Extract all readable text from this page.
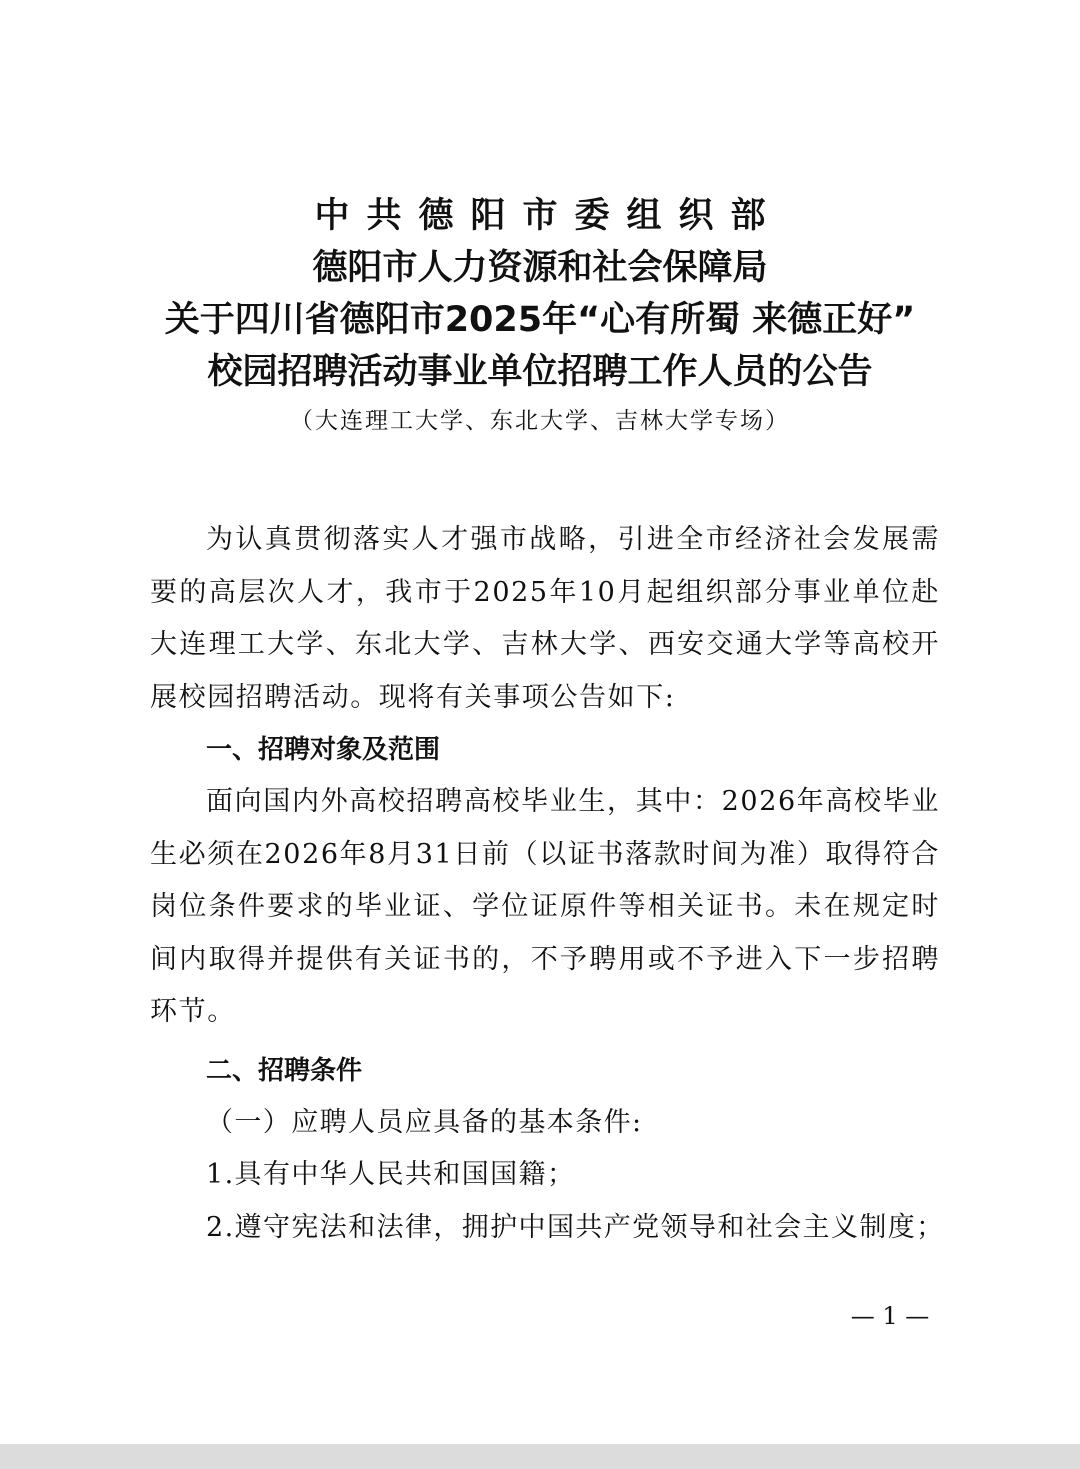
中共德阳市委组织部
德阳市人力资源和社会保障局
关于四川省德阳市2025年“心有所蜀 来德正好”
校园招聘活动事业单位招聘工作人员的公告
（大连理工大学、东北大学、吉林大学专场）

为认真贯彻落实人才强市战略，引进全市经济社会发展需要的高层次人才，我市于2025年10月起组织部分事业单位赴大连理工大学、东北大学、吉林大学、西安交通大学等高校开展校园招聘活动。现将有关事项公告如下:

一、招聘对象及范围

面向国内外高校招聘高校毕业生，其中：2026年高校毕业生必须在2026年8月31日前（以证书落款时间为准）取得符合岗位条件要求的毕业证、学位证原件等相关证书。未在规定时间内取得并提供有关证书的，不予聘用或不予进入下一步招聘环节。

二、招聘条件

（一）应聘人员应具备的基本条件:

1.具有中华人民共和国国籍；

2.遵守宪法和法律，拥护中国共产党领导和社会主义制度；

— 1 —
